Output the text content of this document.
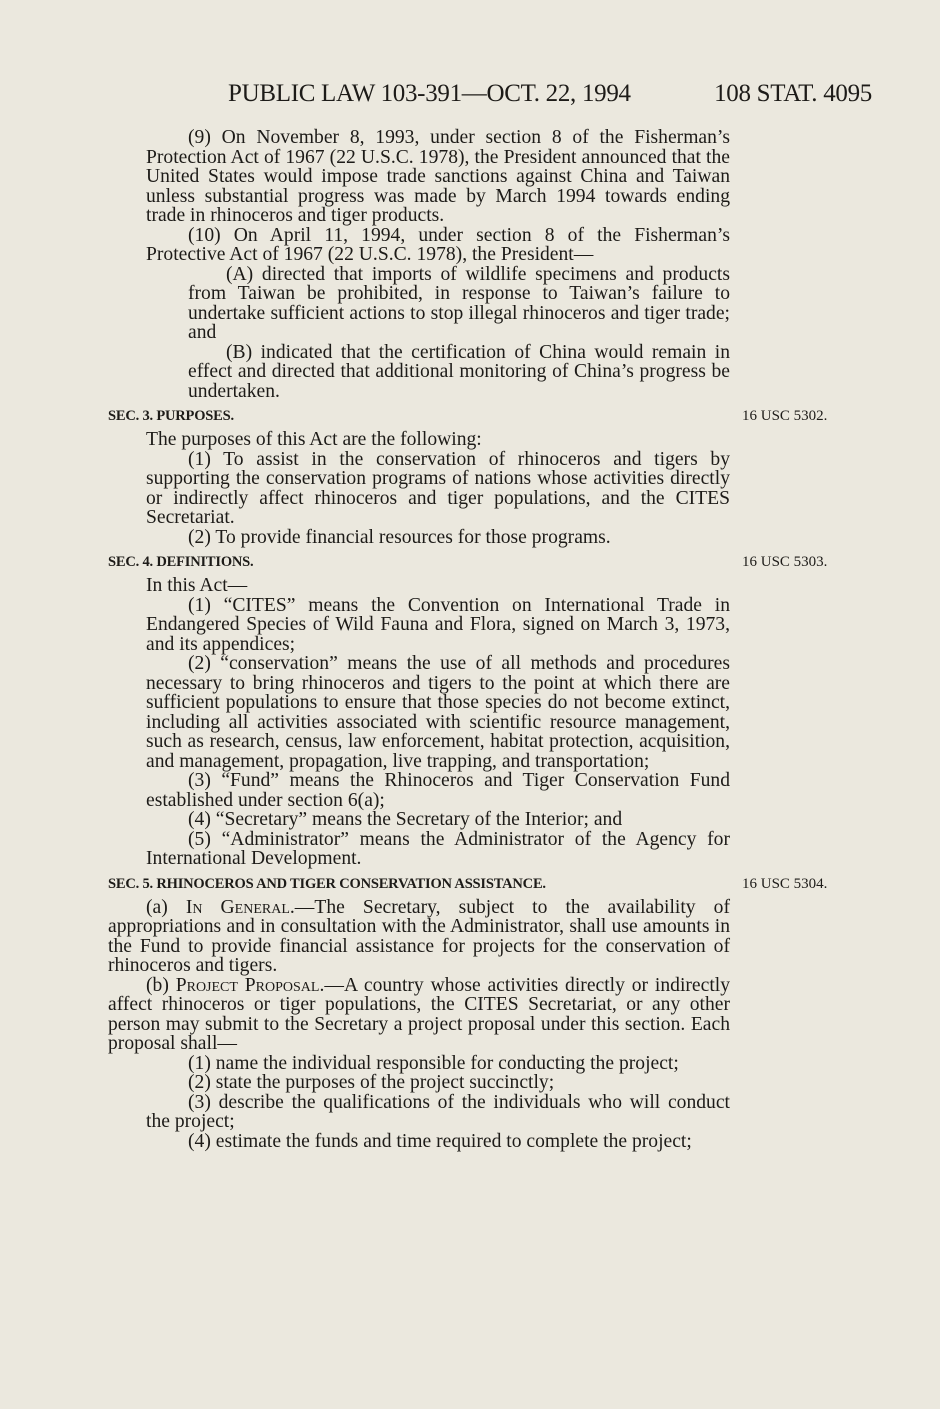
PUBLIC LAW 103-391—OCT. 22, 1994	108 STAT. 4095

(9) On November 8, 1993, under section 8 of the Fisherman’s Protection Act of 1967 (22 U.S.C. 1978), the President announced that the United States would impose trade sanctions against China and Taiwan unless substantial progress was made by March 1994 towards ending trade in rhinoceros and tiger products.

(10) On April 11, 1994, under section 8 of the Fisherman’s Protective Act of 1967 (22 U.S.C. 1978), the President—

(A) directed that imports of wildlife specimens and products from Taiwan be prohibited, in response to Taiwan’s failure to undertake sufficient actions to stop illegal rhinoceros and tiger trade; and

(B) indicated that the certification of China would remain in effect and directed that additional monitoring of China’s progress be undertaken.

SEC. 3. PURPOSES.	16 USC 5302.

The purposes of this Act are the following:

(1) To assist in the conservation of rhinoceros and tigers by supporting the conservation programs of nations whose activities directly or indirectly affect rhinoceros and tiger populations, and the CITES Secretariat.

(2) To provide financial resources for those programs.

SEC. 4. DEFINITIONS.	16 USC 5303.

In this Act—

(1) “CITES” means the Convention on International Trade in Endangered Species of Wild Fauna and Flora, signed on March 3, 1973, and its appendices;

(2) “conservation” means the use of all methods and procedures necessary to bring rhinoceros and tigers to the point at which there are sufficient populations to ensure that those species do not become extinct, including all activities associated with scientific resource management, such as research, census, law enforcement, habitat protection, acquisition, and management, propagation, live trapping, and transportation;

(3) “Fund” means the Rhinoceros and Tiger Conservation Fund established under section 6(a);

(4) “Secretary” means the Secretary of the Interior; and

(5) “Administrator” means the Administrator of the Agency for International Development.

SEC. 5. RHINOCEROS AND TIGER CONSERVATION ASSISTANCE.	16 USC 5304.

(a) In General.—The Secretary, subject to the availability of appropriations and in consultation with the Administrator, shall use amounts in the Fund to provide financial assistance for projects for the conservation of rhinoceros and tigers.

(b) Project Proposal.—A country whose activities directly or indirectly affect rhinoceros or tiger populations, the CITES Secretariat, or any other person may submit to the Secretary a project proposal under this section. Each proposal shall—

(1) name the individual responsible for conducting the project;

(2) state the purposes of the project succinctly;

(3) describe the qualifications of the individuals who will conduct the project;

(4) estimate the funds and time required to complete the project;
